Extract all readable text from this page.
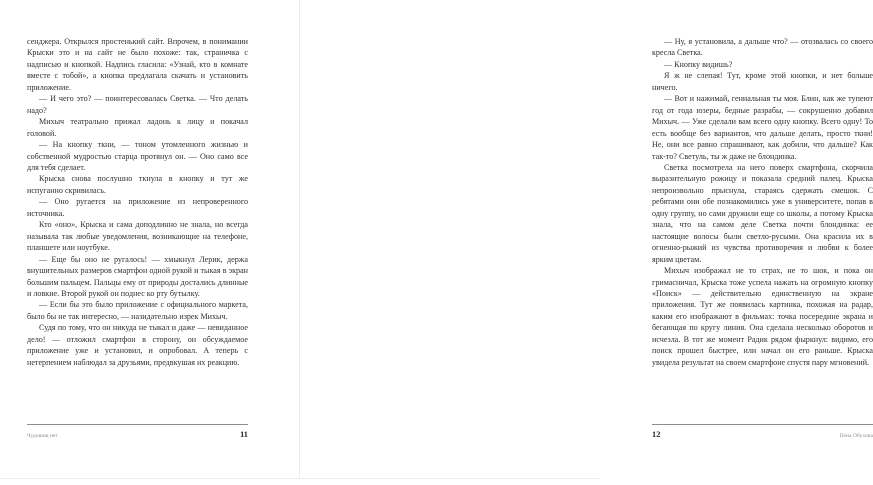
сенджера. Открылся простенький сайт. Впрочем, в понимании Крыски это и на сайт не было похоже: так, страничка с надписью и кнопкой. Надпись гласила: «Узнай, кто в комнате вместе с тобой», а кнопка предлагала скачать и установить приложение.

— И чего это? — поинтересовалась Светка. — Что делать надо?

Михыч театрально прижал ладонь к лицу и покачал головой.

— На кнопку ткни, — тоном утомленного жизнью и собственной мудростью старца протянул он. — Оно само все для тебя сделает.

Крыска снова послушно ткнула в кнопку и тут же испуганно скривилась.

— Оно ругается на приложение из непроверенного источника.

Кто «оно», Крыска и сама доподлинно не знала, но всегда называла так любые уведомления, возникающие на телефоне, планшете или ноутбуке.

— Еще бы оно не ругалось! — хмыкнул Лерик, держа внушительных размеров смартфон одной рукой и тыкая в экран большим пальцем. Пальцы ему от природы достались длинные и ловкие. Второй рукой он поднес ко рту бутылку.

— Если бы это было приложение с официального маркета, было бы не так интересно, — назидательно изрек Михыч.

Судя по тому, что он никуда не тыкал и даже — невиданное дело! — отложил смартфон в сторону, он обсуждаемое приложение уже и установил, и опробовал. А теперь с нетерпением наблюдал за друзьями, предвкушая их реакцию.

Чудовищ нет	11

— Ну, я установила, а дальше что? — отозвалась со своего кресла Светка.

— Кнопку видишь?

Я ж не слепая! Тут, кроме этой кнопки, и нет больше ничего.

— Вот и нажимай, гениальная ты моя. Блин, как же тупеют год от года юзеры, бедные разрабы, — сокрушенно добавил Михыч. — Уже сделали вам всего одну кнопку. Всего одну! То есть вообще без вариантов, что дальше делать, просто ткни! Не, они все равно спрашивают, как добили, что дальше? Как так-то? Светуль, ты ж даже не блондинка.

Светка посмотрела на него поверх смартфона, скорчила выразительную рожицу и показала средний палец. Крыска непроизвольно прыснула, стараясь сдержать смешок. С ребятами они обе познакомились уже в университете, попав в одну группу, но сами дружили еще со школы, а потому Крыска знала, что на самом деле Светка почти блондинка: ее настоящие волосы были светло-русыми. Она красила их в огненно-рыжий из чувства противоречия и любви к более ярким цветам.

Михыч изображал не то страх, не то шок, и пока он гримасничал, Крыска тоже успела нажать на огромную кнопку «Поиск» — действительно единственную на экране приложения. Тут же появилась картинка, похожая на радар, каким его изображают в фильмах: точка посередине экрана и бегающая по кругу линия. Она сделала несколько оборотов и исчезла. В тот же момент Радик рядом фыркнул: видимо, его поиск прошел быстрее, или начал он его раньше. Крыска увидела результат на своем смартфоне спустя пару мгновений.

12	Пена Обухова
